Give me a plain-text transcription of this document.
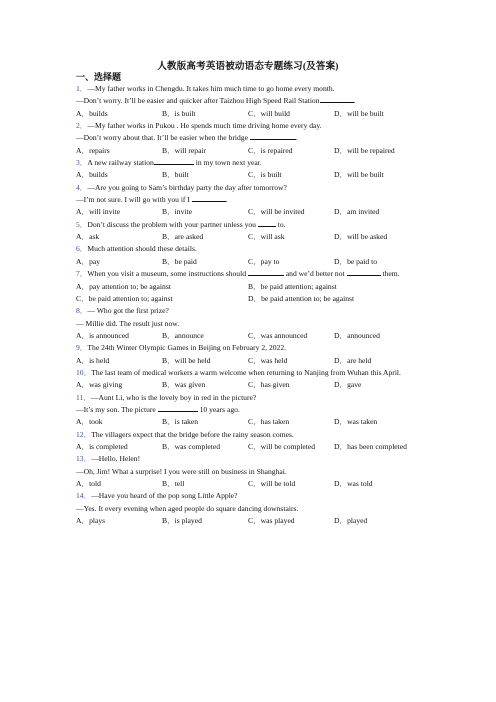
人教版高考英语被动语态专题练习(及答案)
一、选择题
1．—My father works in Chengdu. It takes him much time to go home every month.
—Don’t worry. It’ll be easier and quicker after Taizhou High Speed Rail Station	.
A．builds	B．is built	C．will build	D．will be built
2．—My father works in Pukou . He spends much time driving home every day.
—Don’t worry about that. It’ll be easier when the bridge	.
A．repairs	B．will repair	C．is repaired	D．will be repaired
3．A new railway station	in my town next year.
A．builds	B．built	C．is built	D．will be built
4．—Are you going to Sam’s birthday party the day after tomorrow?
—I’m not sure. I will go with you if I	.
A．will invite	B．invite	C．will be invited	D．am invited
5．Don’t discuss the problem with your partner unless you  to.
A．ask	B．are asked	C．will ask	D．will be asked
6．Much attention should these details.
A．pay	B．be paid	C．pay to	D．be paid to
7．When you visit a museum, some instructions should	and we’d better not	them.
A．pay attention to; be against	B．be paid attention; against
C．be paid attention to; against	D．be paid attention to; be against
8．— Who got the first prize?
— Millie did. The result just now.
A．is announced	B．announce	C．was announced	D．announced
9．The 24th Winter Olympic Games in Beijing on February 2, 2022.
A．is held	B．will be held	C．was held	D．are held
10．The last team of medical workers a warm welcome when returning to Nanjing from Wuhan this April.
A．was giving	B．was given	C．has given	D．gave
11．—Aunt Li, who is the lovely boy in red in the picture?
—It’s my son. The picture	10 years ago.
A．took	B．is taken	C．has taken	D．was taken
12．The villagers expect that the bridge before the rainy season comes.
A．is completed	B．was completed	C．will be completed	D．has been completed
13．—Hello, Helen!
—Oh, Jim! What a surprise! I you were still on business in Shanghai.
A．told	B．tell	C．will be told	D．was told
14．—Have you heard of the pop song Little Apple?
—Yes. It every evening when aged people do square dancing downstairs.
A．plays	B．is played	C．was played	D．played
